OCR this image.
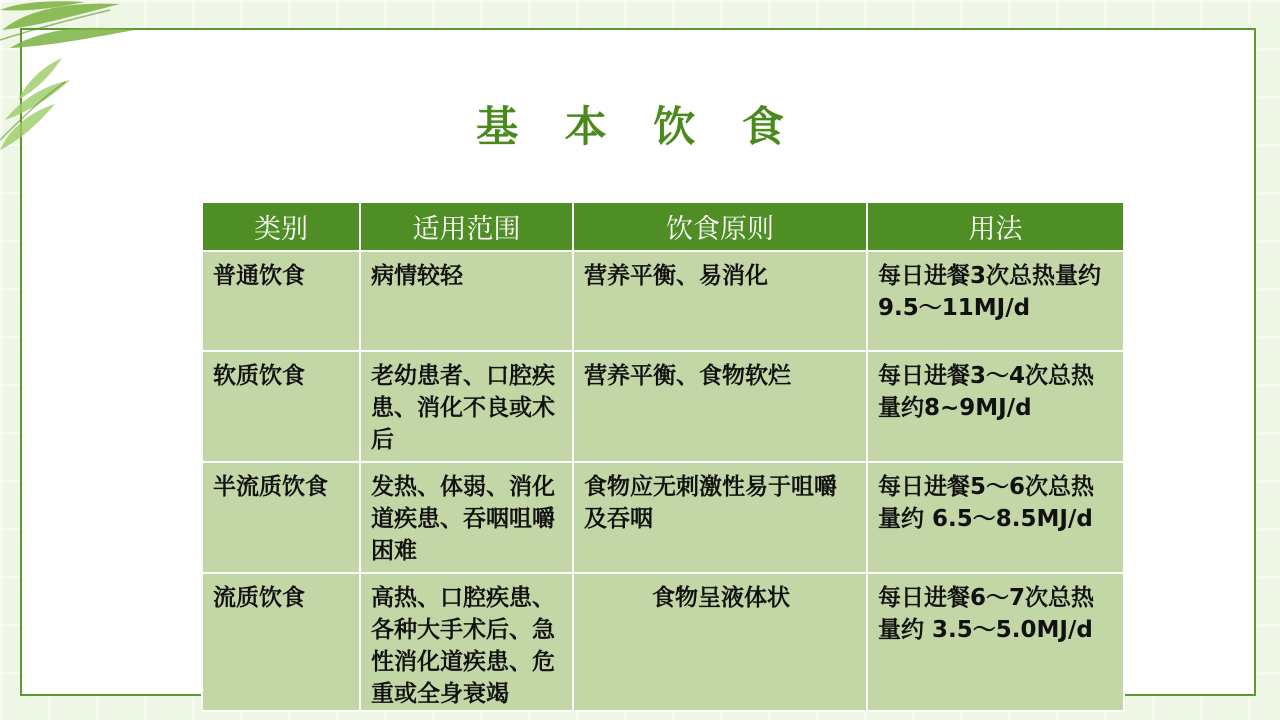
基 本 饮 食
类别	适用范围	饮食原则	用法
普通饮食	病情较轻	营养平衡、易消化	每日进餐3次总热量约9.5～11MJ/d
软质饮食	老幼患者、口腔疾患、消化不良或术后	营养平衡、食物软烂	每日进餐3～4次总热量约8~9MJ/d
半流质饮食	发热、体弱、消化道疾患、吞咽咀嚼困难	食物应无刺激性易于咀嚼及吞咽	每日进餐5～6次总热量约 6.5～8.5MJ/d
流质饮食	高热、口腔疾患、各种大手术后、急性消化道疾患、危重或全身衰竭	食物呈液体状	每日进餐6～7次总热量约 3.5～5.0MJ/d
